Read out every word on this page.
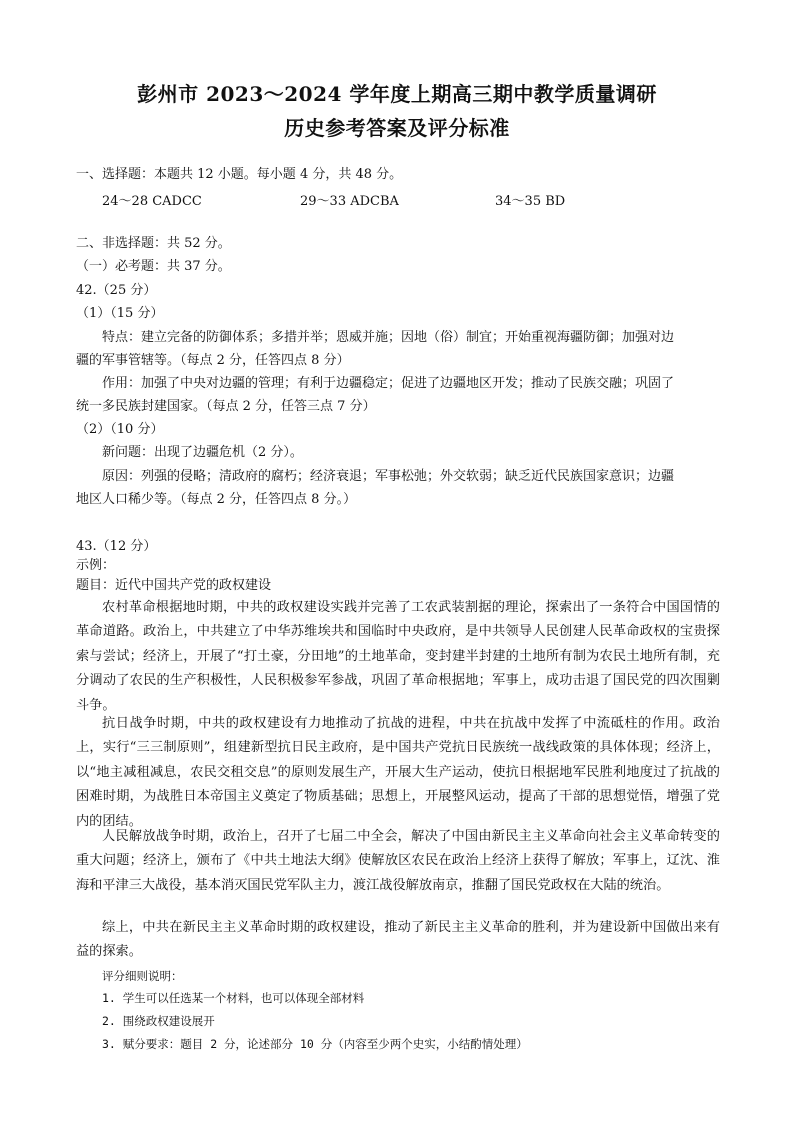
彭州市 2023～2024 学年度上期高三期中教学质量调研
历史参考答案及评分标准
一、选择题：本题共 12 小题。每小题 4 分，共 48 分。
24～28 CADCC	29～33 ADCBA	34～35 BD
二、非选择题：共 52 分。
（一）必考题：共 37 分。
42.（25 分）
（1）（15 分）
特点：建立完备的防御体系；多措并举；恩威并施；因地（俗）制宜；开始重视海疆防御；加强对边
疆的军事管辖等。（每点 2 分，任答四点 8 分）
作用：加强了中央对边疆的管理；有利于边疆稳定；促进了边疆地区开发；推动了民族交融；巩固了
统一多民族封建国家。（每点 2 分，任答三点 7 分）
（2）（10 分）
新问题：出现了边疆危机（2 分）。
原因：列强的侵略；清政府的腐朽；经济衰退；军事松弛；外交软弱；缺乏近代民族国家意识；边疆
地区人口稀少等。（每点 2 分，任答四点 8 分。）
43.（12 分）
示例：
题目：近代中国共产党的政权建设
农村革命根据地时期，中共的政权建设实践并完善了工农武装割据的理论，探索出了一条符合中国国情的革命道路。政治上，中共建立了中华苏维埃共和国临时中央政府，是中共领导人民创建人民革命政权的宝贵探索与尝试；经济上，开展了“打土豪，分田地”的土地革命，变封建半封建的土地所有制为农民土地所有制，充分调动了农民的生产积极性，人民积极参军参战，巩固了革命根据地；军事上，成功击退了国民党的四次围剿斗争。
抗日战争时期，中共的政权建设有力地推动了抗战的进程，中共在抗战中发挥了中流砥柱的作用。政治上，实行“三三制原则”，组建新型抗日民主政府，是中国共产党抗日民族统一战线政策的具体体现；经济上，以“地主减租减息，农民交租交息”的原则发展生产，开展大生产运动，使抗日根据地军民胜利地度过了抗战的困难时期，为战胜日本帝国主义奠定了物质基础；思想上，开展整风运动，提高了干部的思想觉悟，增强了党内的团结。
人民解放战争时期，政治上，召开了七届二中全会，解决了中国由新民主主义革命向社会主义革命转变的重大问题；经济上，颁布了《中共土地法大纲》使解放区农民在政治上经济上获得了解放；军事上，辽沈、淮海和平津三大战役，基本消灭国民党军队主力，渡江战役解放南京，推翻了国民党政权在大陆的统治。
综上，中共在新民主主义革命时期的政权建设，推动了新民主主义革命的胜利，并为建设新中国做出来有益的探索。
评分细则说明：
1. 学生可以任选某一个材料，也可以体现全部材料
2. 围绕政权建设展开
3. 赋分要求：题目 2 分，论述部分 10 分（内容至少两个史实，小结酌情处理）
